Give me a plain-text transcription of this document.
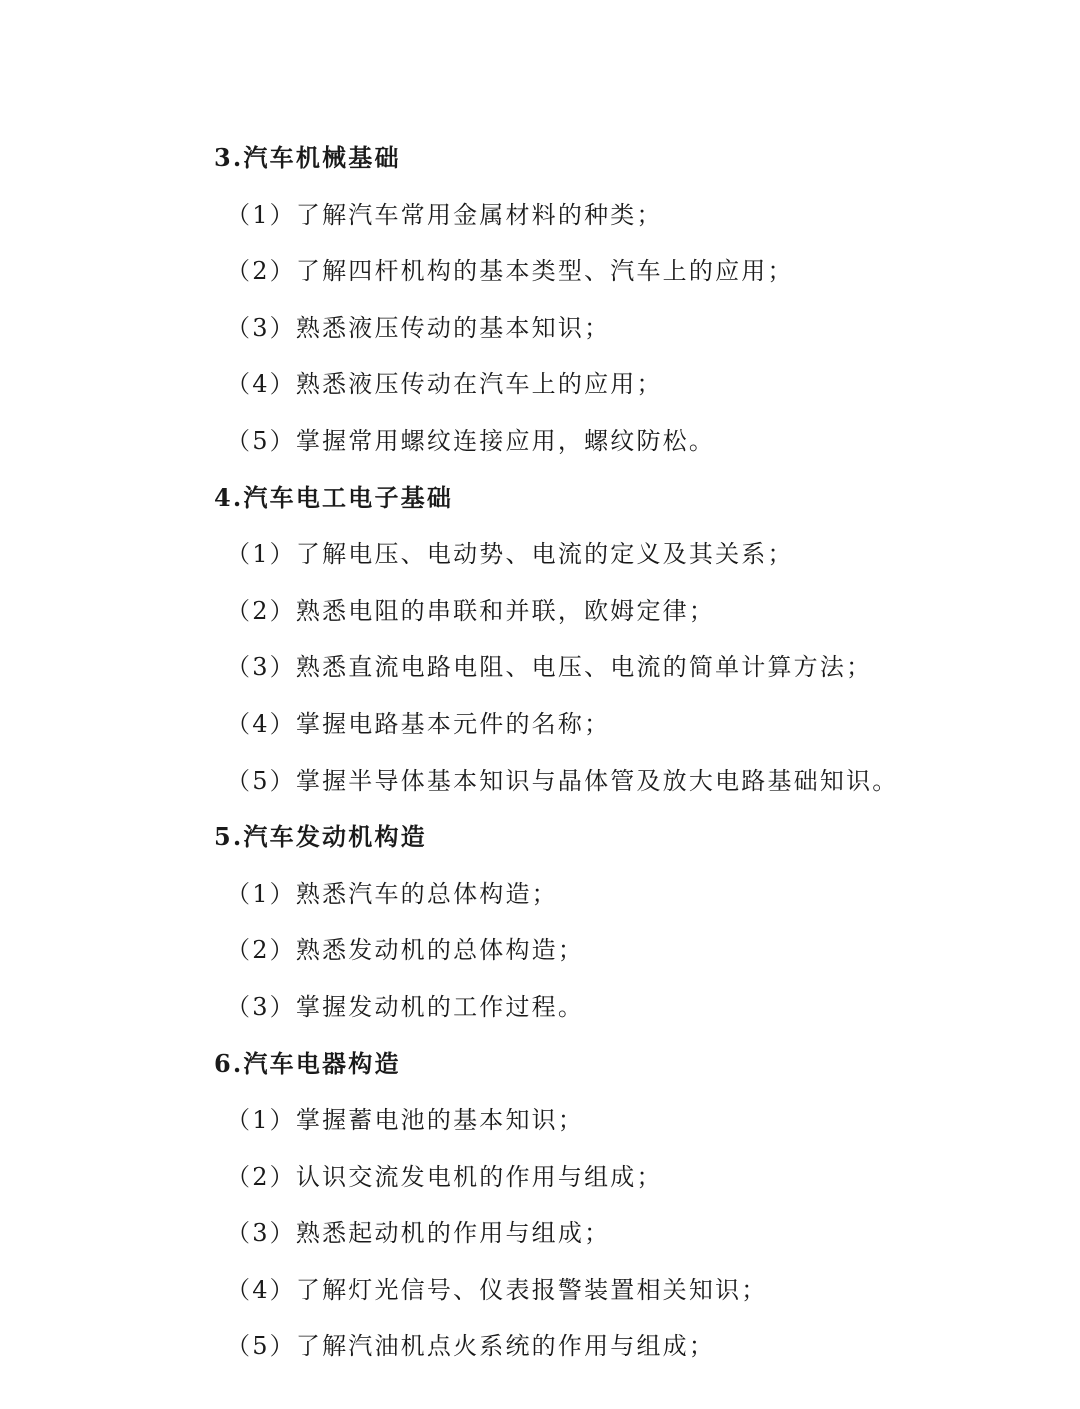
3.汽车机械基础
（1）了解汽车常用金属材料的种类；
（2）了解四杆机构的基本类型、汽车上的应用；
（3）熟悉液压传动的基本知识；
（4）熟悉液压传动在汽车上的应用；
（5）掌握常用螺纹连接应用，螺纹防松。
4.汽车电工电子基础
（1）了解电压、电动势、电流的定义及其关系；
（2）熟悉电阻的串联和并联，欧姆定律；
（3）熟悉直流电路电阻、电压、电流的简单计算方法；
（4）掌握电路基本元件的名称；
（5）掌握半导体基本知识与晶体管及放大电路基础知识。
5.汽车发动机构造
（1）熟悉汽车的总体构造；
（2）熟悉发动机的总体构造；
（3）掌握发动机的工作过程。
6.汽车电器构造
（1）掌握蓄电池的基本知识；
（2）认识交流发电机的作用与组成；
（3）熟悉起动机的作用与组成；
（4）了解灯光信号、仪表报警装置相关知识；
（5）了解汽油机点火系统的作用与组成；
